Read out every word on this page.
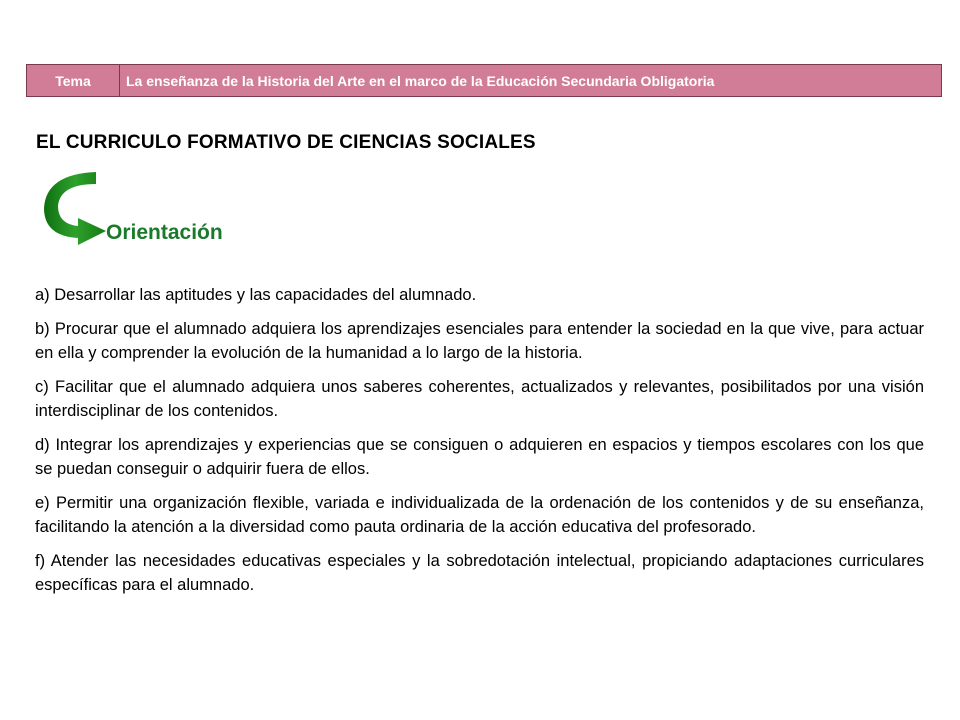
Tema	La enseñanza de la Historia del Arte en el marco de la Educación Secundaria Obligatoria
EL CURRICULO FORMATIVO DE CIENCIAS SOCIALES
Orientación

a) Desarrollar las aptitudes y las capacidades del alumnado.

b) Procurar que el alumnado adquiera los aprendizajes esenciales para entender la sociedad en la que vive, para actuar en ella y comprender la evolución de la humanidad a lo largo de la historia.

c) Facilitar que el alumnado adquiera unos saberes coherentes, actualizados y relevantes, posibilitados por una visión interdisciplinar de los contenidos.

d) Integrar los aprendizajes y experiencias que se consiguen o adquieren en espacios y tiempos escolares con los que se puedan conseguir o adquirir fuera de ellos.

e) Permitir una organización flexible, variada e individualizada de la ordenación de los contenidos y de su enseñanza, facilitando la atención a la diversidad como pauta ordinaria de la acción educativa del profesorado.

f) Atender las necesidades educativas especiales y la sobredotación intelectual, propiciando adaptaciones curriculares específicas para el alumnado.
